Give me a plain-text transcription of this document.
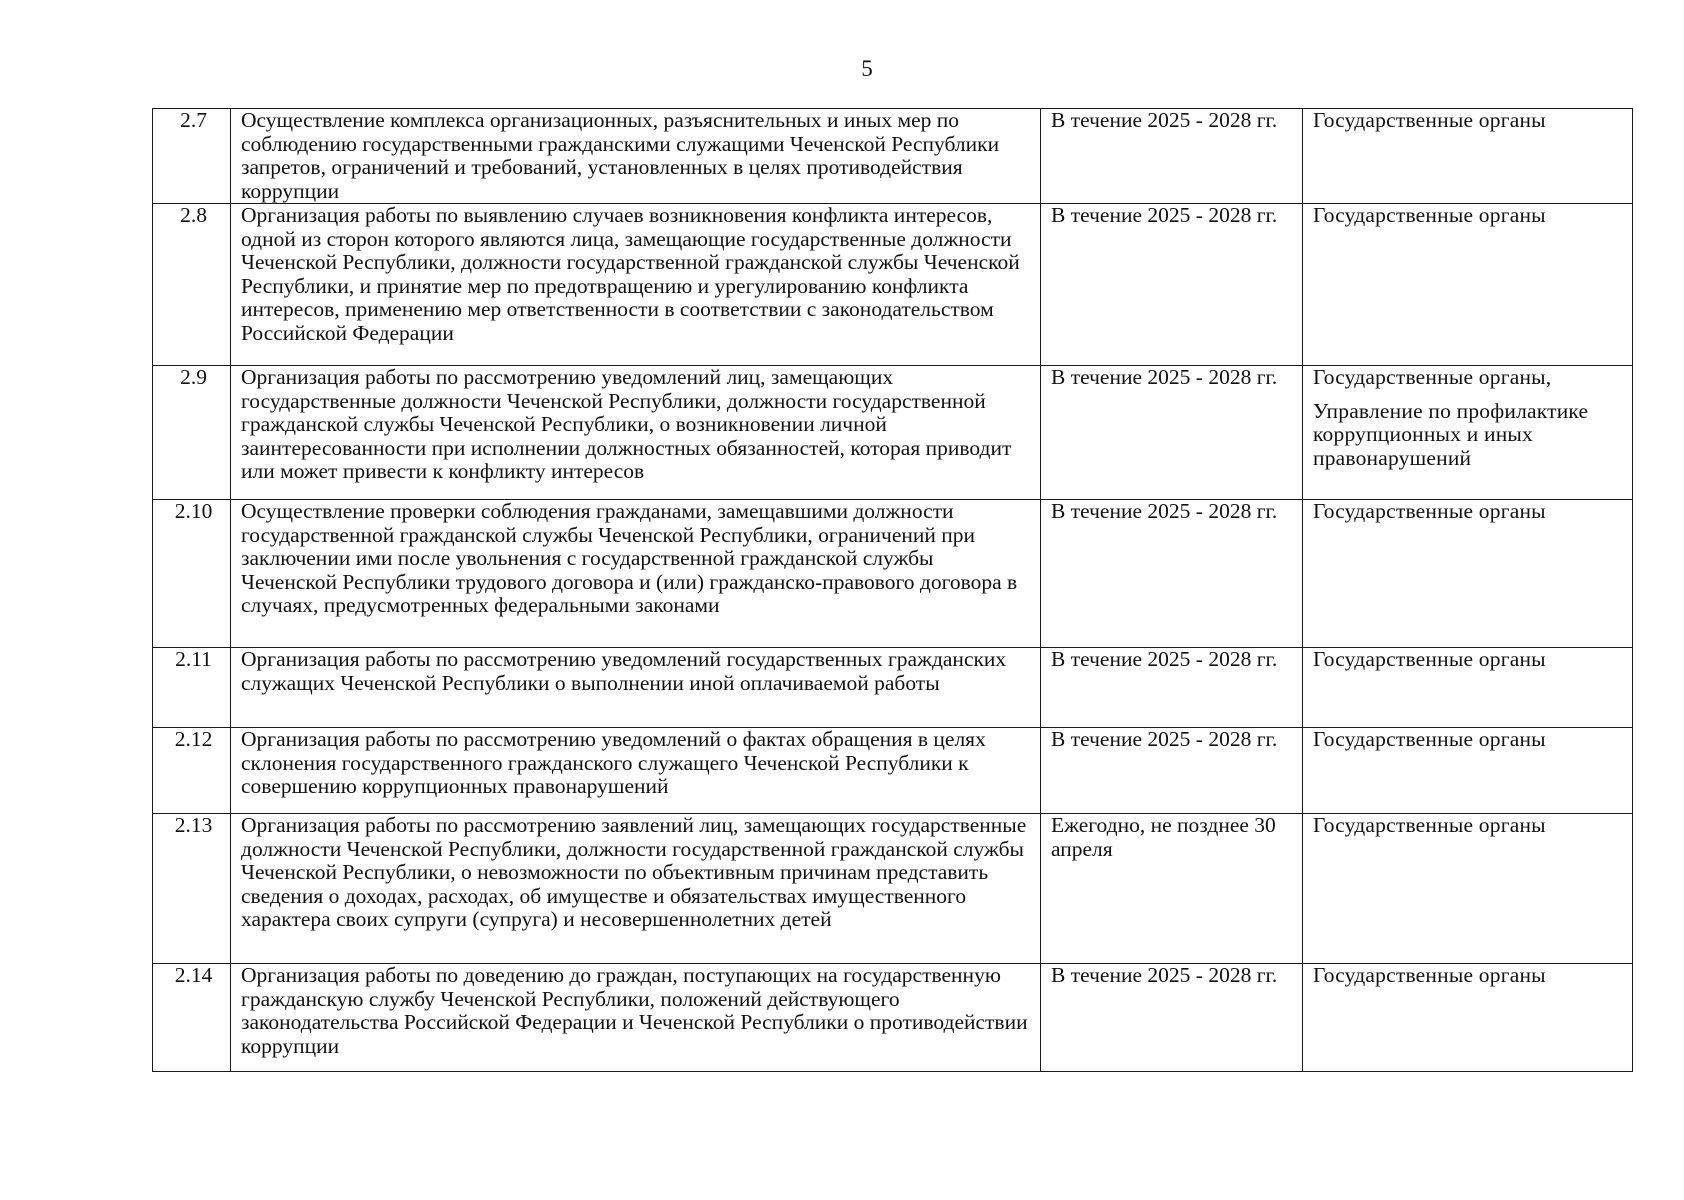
5
2.7	Осуществление комплекса организационных, разъяснительных и иных мер по соблюдению государственными гражданскими служащими Чеченской Республики запретов, ограничений и требований, установленных в целях противодействия коррупции	В течение 2025 - 2028 гг.	Государственные органы
2.8	Организация работы по выявлению случаев возникновения конфликта интересов, одной из сторон которого являются лица, замещающие государственные должности Чеченской Республики, должности государственной гражданской службы Чеченской Республики, и принятие мер по предотвращению и урегулированию конфликта интересов, применению мер ответственности в соответствии с законодательством Российской Федерации	В течение 2025 - 2028 гг.	Государственные органы
2.9	Организация работы по рассмотрению уведомлений лиц, замещающих государственные должности Чеченской Республики, должности государственной гражданской службы Чеченской Республики, о возникновении личной заинтересованности при исполнении должностных обязанностей, которая приводит или может привести к конфликту интересов	В течение 2025 - 2028 гг.	Государственные органы,
Управление по профилактике коррупционных и иных правонарушений

2.10	Осуществление проверки соблюдения гражданами, замещавшими должности государственной гражданской службы Чеченской Республики, ограничений при заключении ими после увольнения с государственной гражданской службы Чеченской Республики трудового договора и (или) гражданско-правового договора в случаях, предусмотренных федеральными законами	В течение 2025 - 2028 гг.	Государственные органы
2.11	Организация работы по рассмотрению уведомлений государственных гражданских служащих Чеченской Республики о выполнении иной оплачиваемой работы	В течение 2025 - 2028 гг.	Государственные органы
2.12	Организация работы по рассмотрению уведомлений о фактах обращения в целях склонения государственного гражданского служащего Чеченской Республики к совершению коррупционных правонарушений	В течение 2025 - 2028 гг.	Государственные органы
2.13	Организация работы по рассмотрению заявлений лиц, замещающих государственные должности Чеченской Республики, должности государственной гражданской службы Чеченской Республики, о невозможности по объективным причинам представить сведения о доходах, расходах, об имуществе и обязательствах имущественного характера своих супруги (супруга) и несовершеннолетних детей	Ежегодно, не позднее 30 апреля	Государственные органы
2.14	Организация работы по доведению до граждан, поступающих на государственную гражданскую службу Чеченской Республики, положений действующего законодательства Российской Федерации и Чеченской Республики о противодействии коррупции	В течение 2025 - 2028 гг.	Государственные органы
